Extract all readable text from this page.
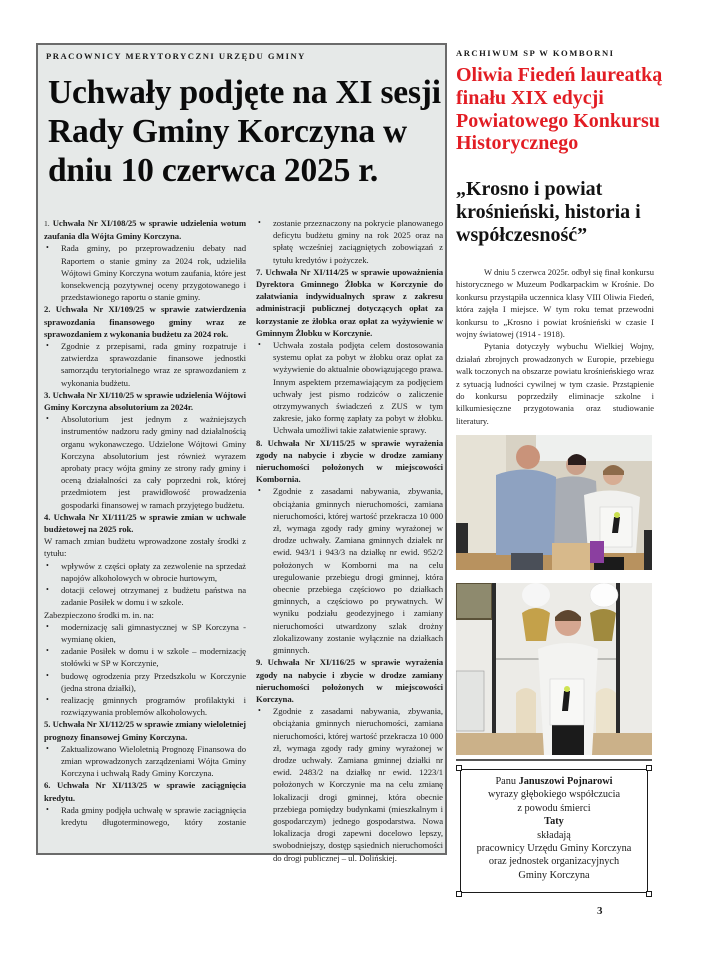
PRACOWNICY MERYTORYCZNI URZĘDU GMINY
Uchwały podjęte na XI sesji Rady Gminy Korczyna w dniu 10 czerwca 2025 r.
1. Uchwała Nr XI/108/25 w sprawie udzielenia wotum zaufania dla Wójta Gminy Korczyna.
• Rada gminy, po przeprowadzeniu debaty nad Raportem o stanie gminy za 2024 rok, udzieliła Wójtowi Gminy Korczyna wotum zaufania, które jest konsekwencją pozytywnej oceny przygotowanego i przedstawionego raportu o stanie gminy.
2. Uchwała Nr XI/109/25 w sprawie zatwierdzenia sprawozdania finansowego gminy wraz ze sprawozdaniem z wykonania budżetu za 2024 rok.
• Zgodnie z przepisami, rada gminy rozpatruje i zatwierdza sprawozdanie finansowe jednostki samorządu terytorialnego wraz ze sprawozdaniem z wykonania budżetu.
3. Uchwała Nr XI/110/25 w sprawie udzielenia Wójtowi Gminy Korczyna absolutorium za 2024r.
• Absolutorium jest jednym z ważniejszych instrumentów nadzoru rady gminy nad działalnością organu wykonawczego. Udzielone Wójtowi Gminy Korczyna absolutorium jest również wyrazem aprobaty pracy wójta gminy ze strony rady gminy i oceną działalności za cały poprzedni rok, której przedmiotem jest prawidłowość prowadzenia gospodarki finansowej w ramach przyjętego budżetu.
4. Uchwała Nr XI/111/25 w sprawie zmian w uchwale budżetowej na 2025 rok.
W ramach zmian budżetu wprowadzone zostały środki z tytułu:
• wpływów z części opłaty za zezwolenie na sprzedaż napojów alkoholowych w obrocie hurtowym,
• dotacji celowej otrzymanej z budżetu państwa na zadanie Posiłek w domu i w szkole.
Zabezpieczono środki m. in. na:
• modernizację sali gimnastycznej w SP Korczyna - wymianę okien,
• zadanie Posiłek w domu i w szkole – modernizację stołówki w SP w Korczynie,
• budowę ogrodzenia przy Przedszkolu w Korczynie (jedna strona działki),
• realizację gminnych programów profilaktyki i rozwiązywania problemów alkoholowych.
5. Uchwała Nr XI/112/25 w sprawie zmiany wieloletniej prognozy finansowej Gminy Korczyna.
• Zaktualizowano Wieloletnią Prognozę Finansowa do zmian wprowadzonych zarządzeniami Wójta Gminy Korczyna i uchwałą Rady Gminy Korczyna.
6. Uchwała Nr XI/113/25 w sprawie zaciągnięcia kredytu.
• Rada gminy podjęła uchwałę w sprawie zaciągnięcia kredytu długoterminowego, który zostanie
• zostanie przeznaczony na pokrycie planowanego deficytu budżetu gminy na rok 2025 oraz na spłatę wcześniej zaciągniętych zobowiązań z tytułu kredytów i pożyczek.
7. Uchwała Nr XI/114/25 w sprawie upoważnienia Dyrektora Gminnego Żłobka w Korczynie do załatwiania indywidualnych spraw z zakresu administracji publicznej dotyczących opłat za korzystanie ze żłobka oraz opłat za wyżywienie w Gminnym Żłobku w Korczynie.
• Uchwała została podjęta celem dostosowania systemu opłat za pobyt w żłobku oraz opłat za wyżywienie do aktualnie obowiązującego prawa. Innym aspektem przemawiającym za podjęciem uchwały jest pismo rodziców o zaliczenie otrzymywanych świadczeń z ZUS w tym zakresie, jako formę zapłaty za pobyt w żłobku. Uchwała umożliwi takie załatwienie sprawy.
8. Uchwała Nr XI/115/25 w sprawie wyrażenia zgody na nabycie i zbycie w drodze zamiany nieruchomości położonych w miejscowości Kombornia.
• Zgodnie z zasadami nabywania, zbywania, obciążania gminnych nieruchomości, zamiana nieruchomości, której wartość przekracza 10 000 zł, wymaga zgody rady gminy wyrażonej w drodze uchwały. Zamiana gminnych działek nr ewid. 943/1 i 943/3 na działkę nr ewid. 952/2 położonych w Komborni ma na celu uregulowanie przebiegu drogi gminnej, która obecnie przebiega częściowo po działkach gminnych, a częściowo po prywatnych. W wyniku podziału geodezyjnego i zamiany nieruchomości utwardzony szlak drożny zlokalizowany zostanie wyłącznie na działkach gminnych.
9. Uchwała Nr XI/116/25 w sprawie wyrażenia zgody na nabycie i zbycie w drodze zamiany nieruchomości położonych w miejscowości Korczyna.
• Zgodnie z zasadami nabywania, zbywania, obciążania gminnych nieruchomości, zamiana nieruchomości, której wartość przekracza 10 000 zł, wymaga zgody rady gminy wyrażonej w drodze uchwały. Zamiana gminnej działki nr ewid. 2483/2 na działkę nr ewid. 1223/1 położonych w Korczynie ma na celu zmianę lokalizacji drogi gminnej, która obecnie przebiega pomiędzy budynkami (mieszkalnym i gospodarczym) jednego gospodarstwa. Nowa lokalizacja drogi zapewni docelowo lepszy, swobodniejszy, dostęp sąsiednich nieruchomości do drogi publicznej – ul. Dolińskiej.
ARCHIWUM SP W KOMBORNI
Oliwia Fiedeń laureatką finału XIX edycji Powiatowego Konkursu Historycznego
„Krosno i powiat krośnieński, historia i współczesność”

W dniu 5 czerwca 2025r. odbył się finał konkursu historycznego w Muzeum Podkarpackim w Krośnie. Do konkursu przystąpiła uczennica klasy VIII Oliwia Fiedeń, która zajęła I miejsce. W tym roku temat przewodni konkursu to „Krosno i powiat krośnieński w czasie I wojny światowej (1914 - 1918).

Pytania dotyczyły wybuchu Wielkiej Wojny, działań zbrojnych prowadzonych w Europie, przebiegu walk toczonych na obszarze powiatu krośnieńskiego wraz z sytuacją ludności cywilnej w tym czasie. Przstąpienie do konkursu poprzedziły eliminacje szkolne i kilkumiesięczne przygotowania oraz studiowanie literatury.

Panu Januszowi Pojnarowi
wyrazy głębokiego współczucia
z powodu śmierci
Taty
składają
pracownicy Urzędu Gminy Korczyna
oraz jednostek organizacyjnych
Gminy Korczyna
3
